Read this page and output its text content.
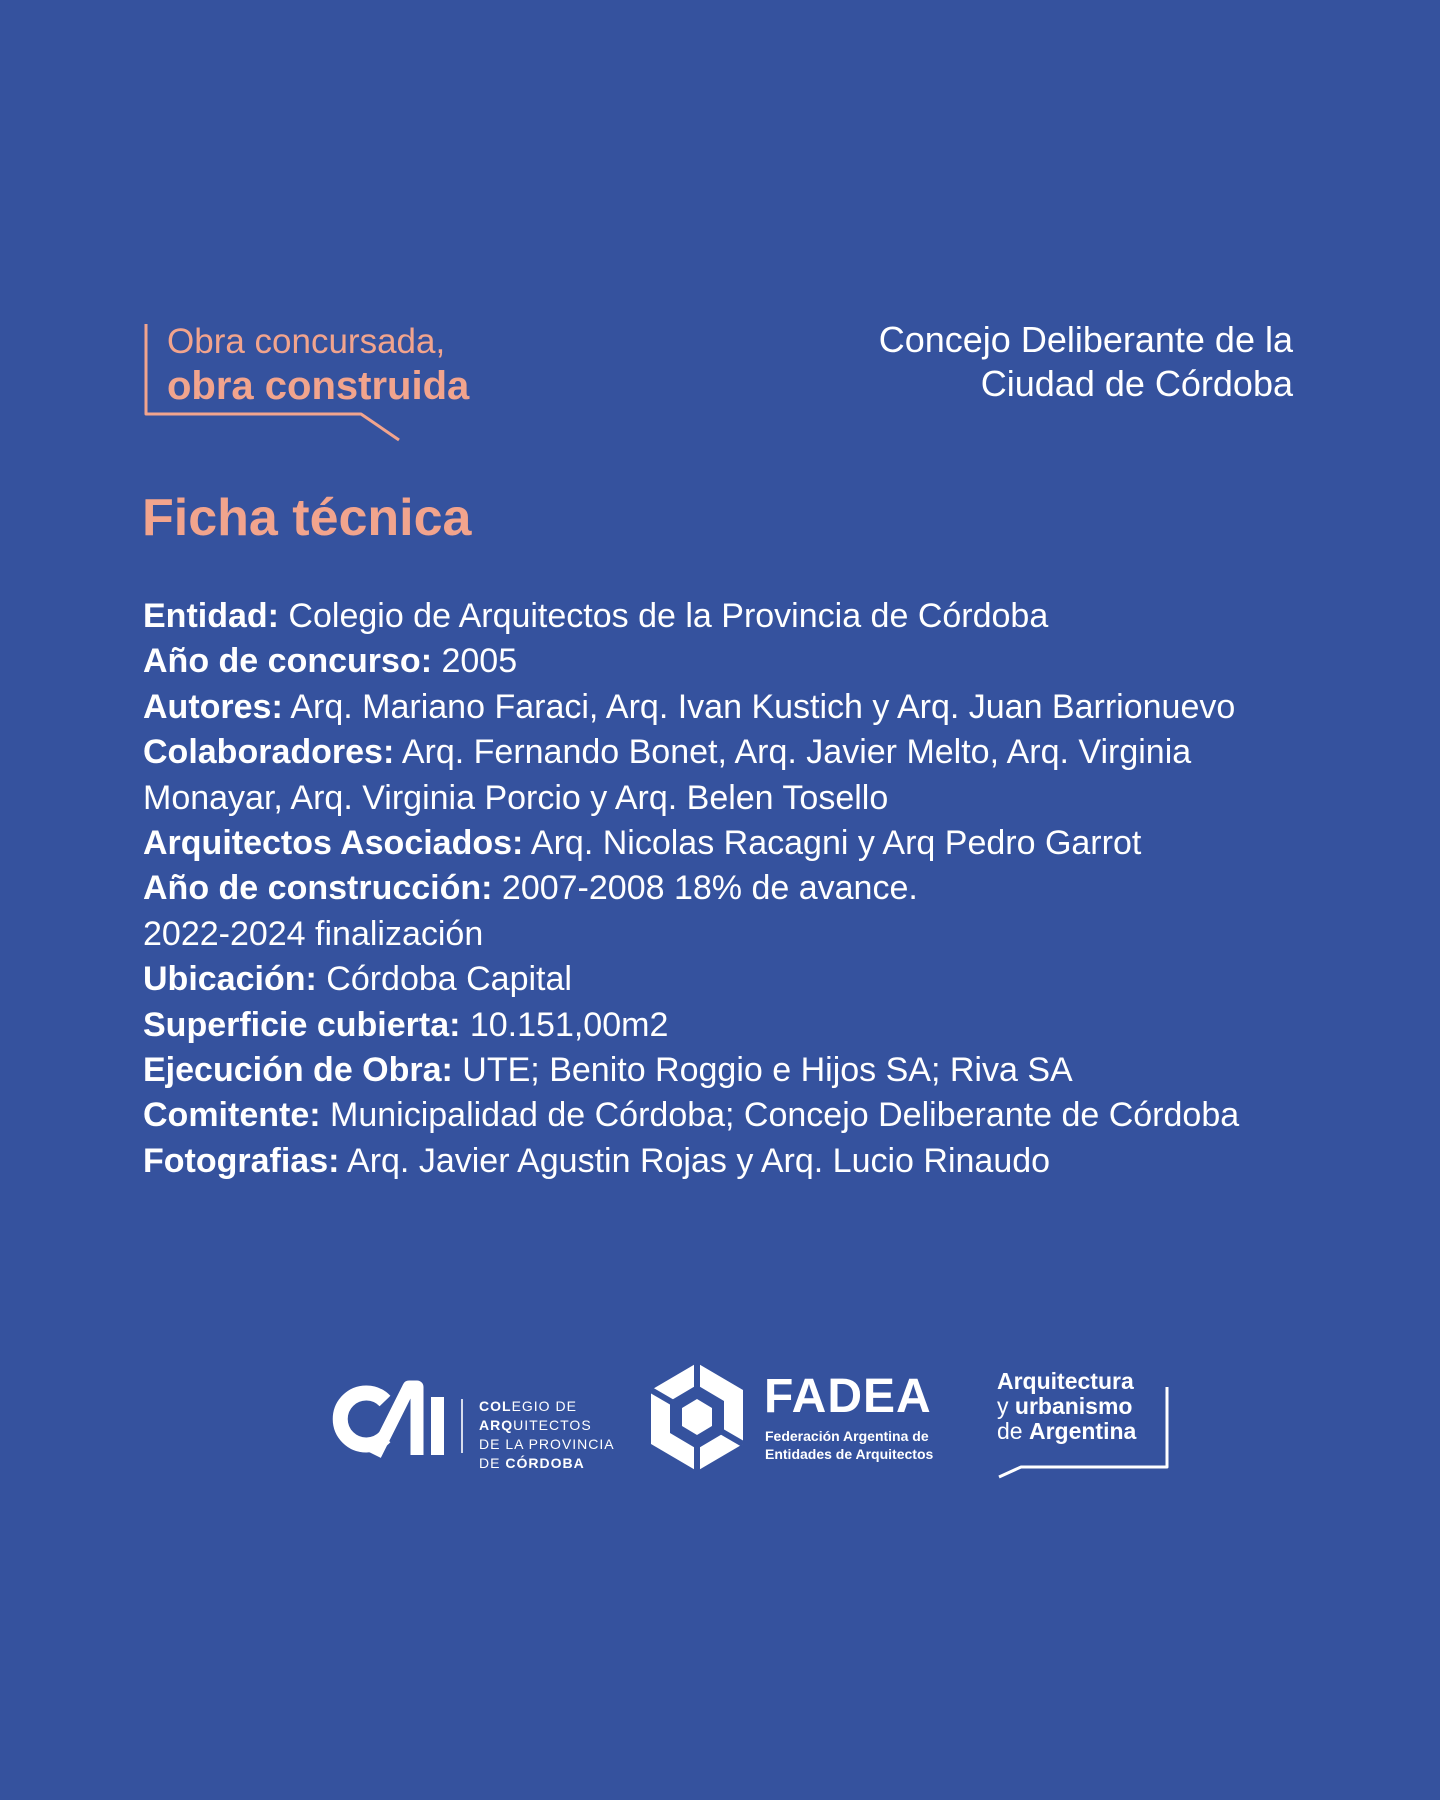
Obra concursada,
obra construida
Concejo Deliberante de la
Ciudad de Córdoba
Ficha técnica

Entidad: Colegio de Arquitectos de la Provincia de Córdoba

Año de concurso: 2005

Autores: Arq. Mariano Faraci, Arq. Ivan Kustich y Arq. Juan Barrionuevo

Colaboradores: Arq. Fernando Bonet, Arq. Javier Melto, Arq. Virginia Monayar, Arq. Virginia Porcio y Arq. Belen Tosello

Arquitectos Asociados: Arq. Nicolas Racagni y Arq Pedro Garrot

Año de construcción: 2007-2008 18% de avance.
2022-2024 finalización

Ubicación: Córdoba Capital

Superficie cubierta: 10.151,00m2

Ejecución de Obra: UTE; Benito Roggio e Hijos SA; Riva SA

Comitente: Municipalidad de Córdoba; Concejo Deliberante de Córdoba

Fotografias: Arq. Javier Agustin Rojas y Arq. Lucio Rinaudo

COLEGIO DE
ARQUITECTOS
DE LA PROVINCIA
DE CÓRDOBA
FADEA
Federación Argentina de
Entidades de Arquitectos
Arquitectura
y urbanismo
de Argentina
